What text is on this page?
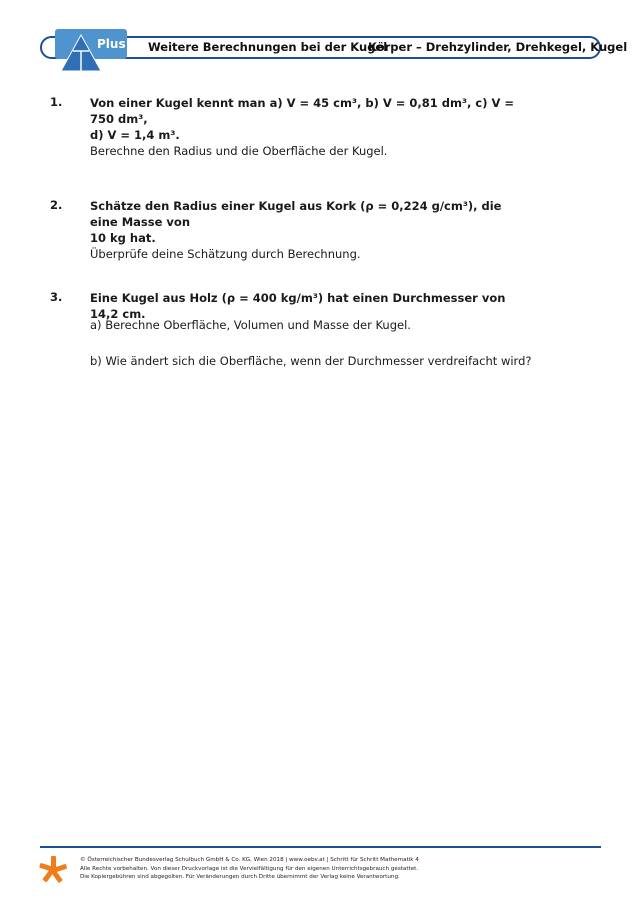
Plus Weitere Berechnungen bei der Kugel
Körper – Drehzylinder, Drehkegel, Kugel
1. Von einer Kugel kennt man a) V = 45 cm³, b) V = 0,81 dm³, c) V = 750 dm³,
d) V = 1,4 m³.
Berechne den Radius und die Oberfläche der Kugel.
2. Schätze den Radius einer Kugel aus Kork (ρ = 0,224 g/cm³), die eine Masse von
10 kg hat.
Überprüfe deine Schätzung durch Berechnung.
3. Eine Kugel aus Holz (ρ = 400 kg/m³) hat einen Durchmesser von 14,2 cm.
a) Berechne Oberfläche, Volumen und Masse der Kugel.
b) Wie ändert sich die Oberfläche, wenn der Durchmesser verdreifacht wird?
© Österreichischer Bundesverlag Schulbuch GmbH & Co. KG, Wien 2018 | www.oebv.at | Schritt für Schritt Mathematik 4
Alle Rechte vorbehalten. Von dieser Druckvorlage ist die Vervielfältigung für den eigenen Unterrichtsgebrauch gestattet.
Die Kopiergebühren sind abgegolten. Für Veränderungen durch Dritte übernimmt der Verlag keine Verantwortung.
